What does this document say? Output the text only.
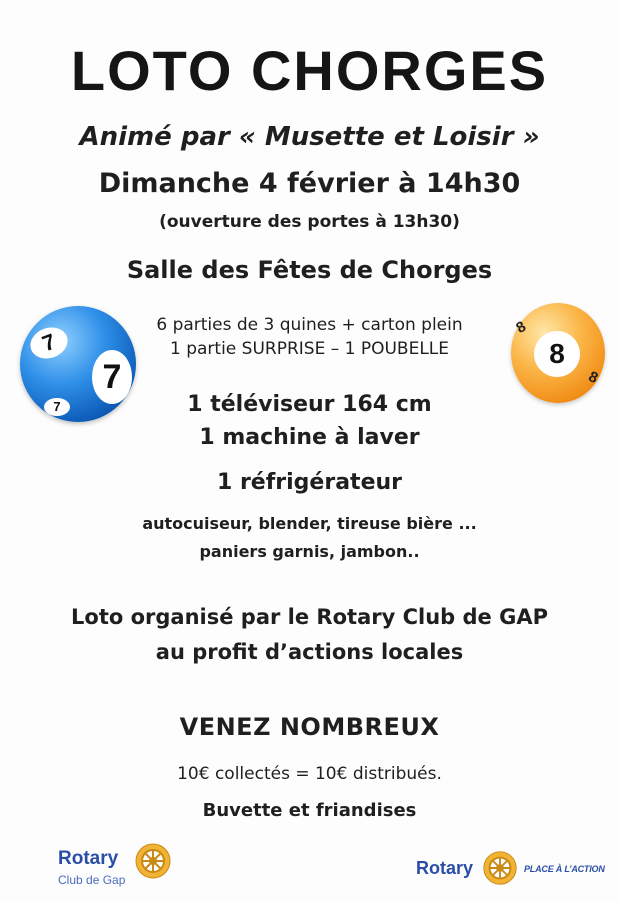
LOTO CHORGES
Animé par « Musette et Loisir »
Dimanche 4 février à 14h30
(ouverture des portes à 13h30)
Salle des Fêtes de Chorges
6 parties de 3 quines + carton plein
1 partie SURPRISE – 1 POUBELLE
7
7
7
8
8
8
1 téléviseur 164 cm
1 machine à laver
1 réfrigérateur
autocuiseur, blender, tireuse bière ...
paniers garnis, jambon..
Loto organisé par le Rotary Club de GAP
au profit d’actions locales
VENEZ NOMBREUX
10€ collectés = 10€ distribués.
Buvette et friandises
Rotary
Club de Gap
Rotary	PLACE À L’ACTION
